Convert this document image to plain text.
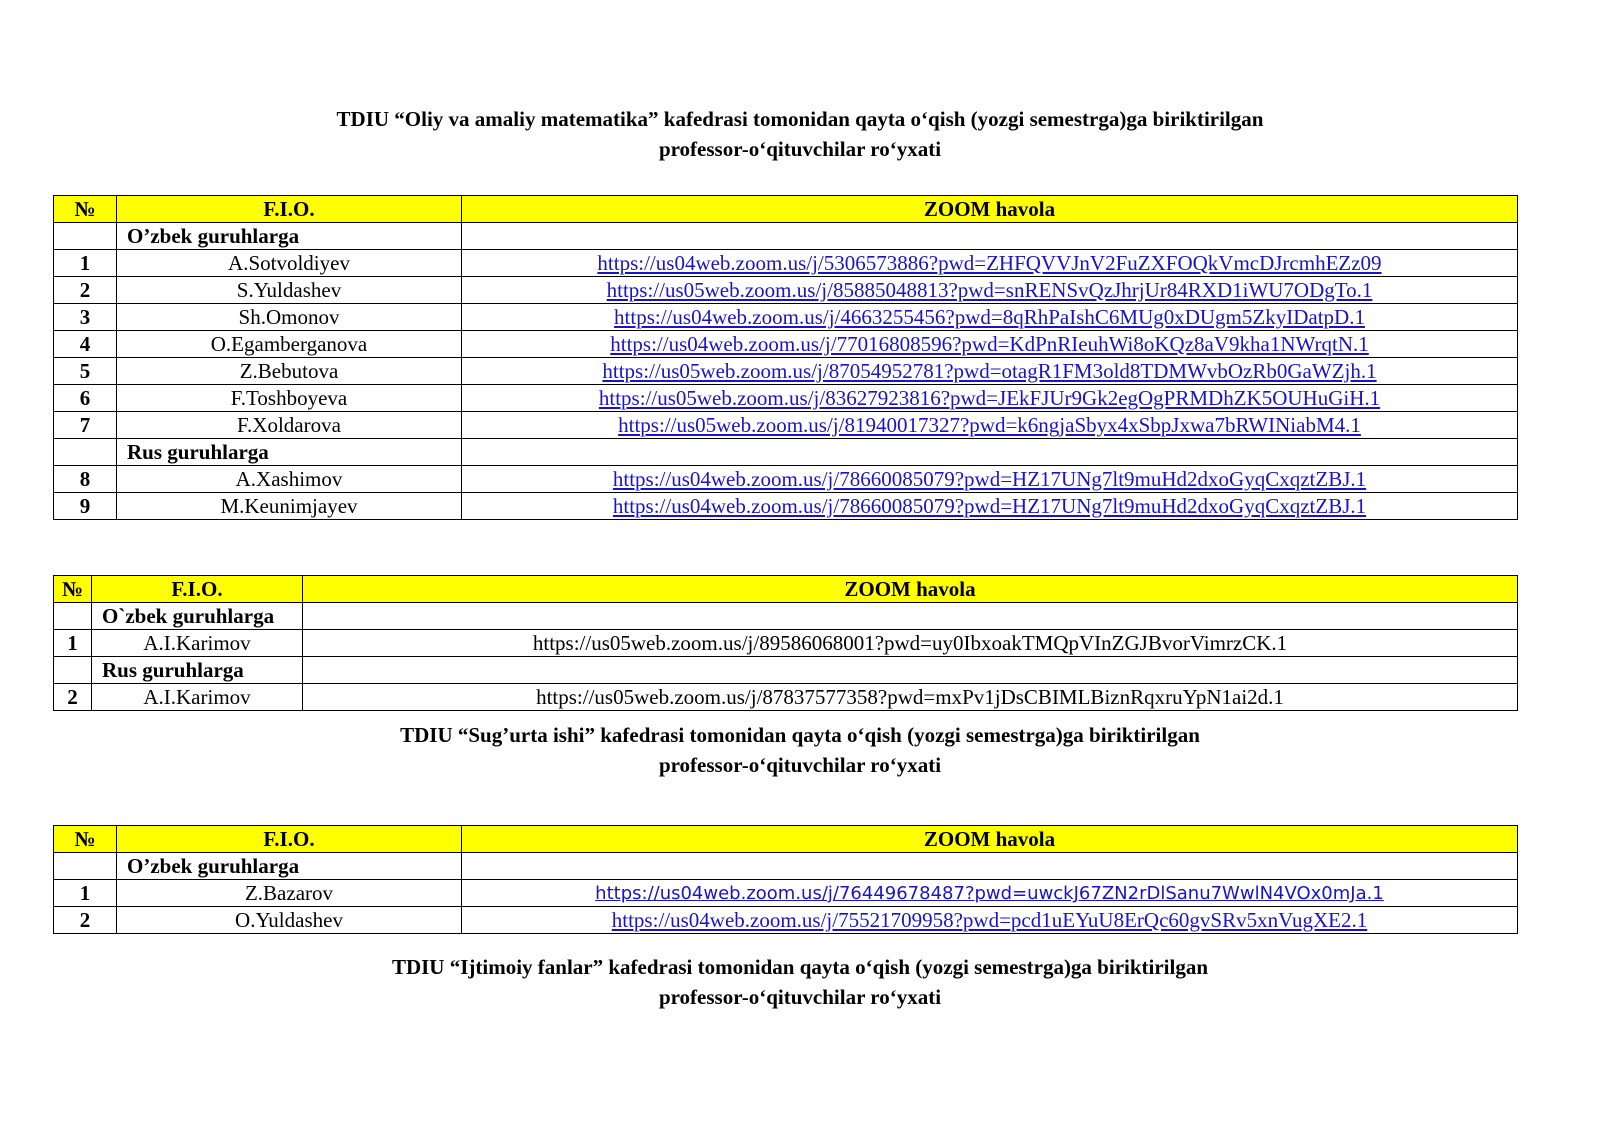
TDIU “Oliy va amaliy matematika” kafedrasi tomonidan qayta o‘qish (yozgi semestrga)ga biriktirilgan
professor-o‘qituvchilar ro‘yxati
№	F.I.O.	ZOOM havola
	O’zbek guruhlarga	
1	A.Sotvoldiyev	https://us04web.zoom.us/j/5306573886?pwd=ZHFQVVJnV2FuZXFOQkVmcDJrcmhEZz09
2	S.Yuldashev	https://us05web.zoom.us/j/85885048813?pwd=snRENSvQzJhrjUr84RXD1iWU7ODgTo.1
3	Sh.Omonov	https://us04web.zoom.us/j/4663255456?pwd=8qRhPaIshC6MUg0xDUgm5ZkyIDatpD.1
4	O.Egamberganova	https://us04web.zoom.us/j/77016808596?pwd=KdPnRIeuhWi8oKQz8aV9kha1NWrqtN.1
5	Z.Bebutova	https://us05web.zoom.us/j/87054952781?pwd=otagR1FM3old8TDMWvbOzRb0GaWZjh.1
6	F.Toshboyeva	https://us05web.zoom.us/j/83627923816?pwd=JEkFJUr9Gk2egOgPRMDhZK5OUHuGiH.1
7	F.Xoldarova	https://us05web.zoom.us/j/81940017327?pwd=k6ngjaSbyx4xSbpJxwa7bRWINiabM4.1
	Rus guruhlarga	
8	A.Xashimov	https://us04web.zoom.us/j/78660085079?pwd=HZ17UNg7lt9muHd2dxoGyqCxqztZBJ.1
9	M.Keunimjayev	https://us04web.zoom.us/j/78660085079?pwd=HZ17UNg7lt9muHd2dxoGyqCxqztZBJ.1
№	F.I.O.	ZOOM havola
	O`zbek guruhlarga	
1	A.I.Karimov	https://us05web.zoom.us/j/89586068001?pwd=uy0IbxoakTMQpVInZGJBvorVimrzCK.1
	Rus guruhlarga	
2	A.I.Karimov	https://us05web.zoom.us/j/87837577358?pwd=mxPv1jDsCBIMLBiznRqxruYpN1ai2d.1
TDIU “Sug’urta ishi” kafedrasi tomonidan qayta o‘qish (yozgi semestrga)ga biriktirilgan
professor-o‘qituvchilar ro‘yxati
№	F.I.O.	ZOOM havola
	O’zbek guruhlarga	
1	Z.Bazarov	https://us04web.zoom.us/j/76449678487?pwd=uwckJ67ZN2rDlSanu7WwlN4VOx0mJa.1
2	O.Yuldashev	https://us04web.zoom.us/j/75521709958?pwd=pcd1uEYuU8ErQc60gvSRv5xnVugXE2.1
TDIU “Ijtimoiy fanlar” kafedrasi tomonidan qayta o‘qish (yozgi semestrga)ga biriktirilgan
professor-o‘qituvchilar ro‘yxati
